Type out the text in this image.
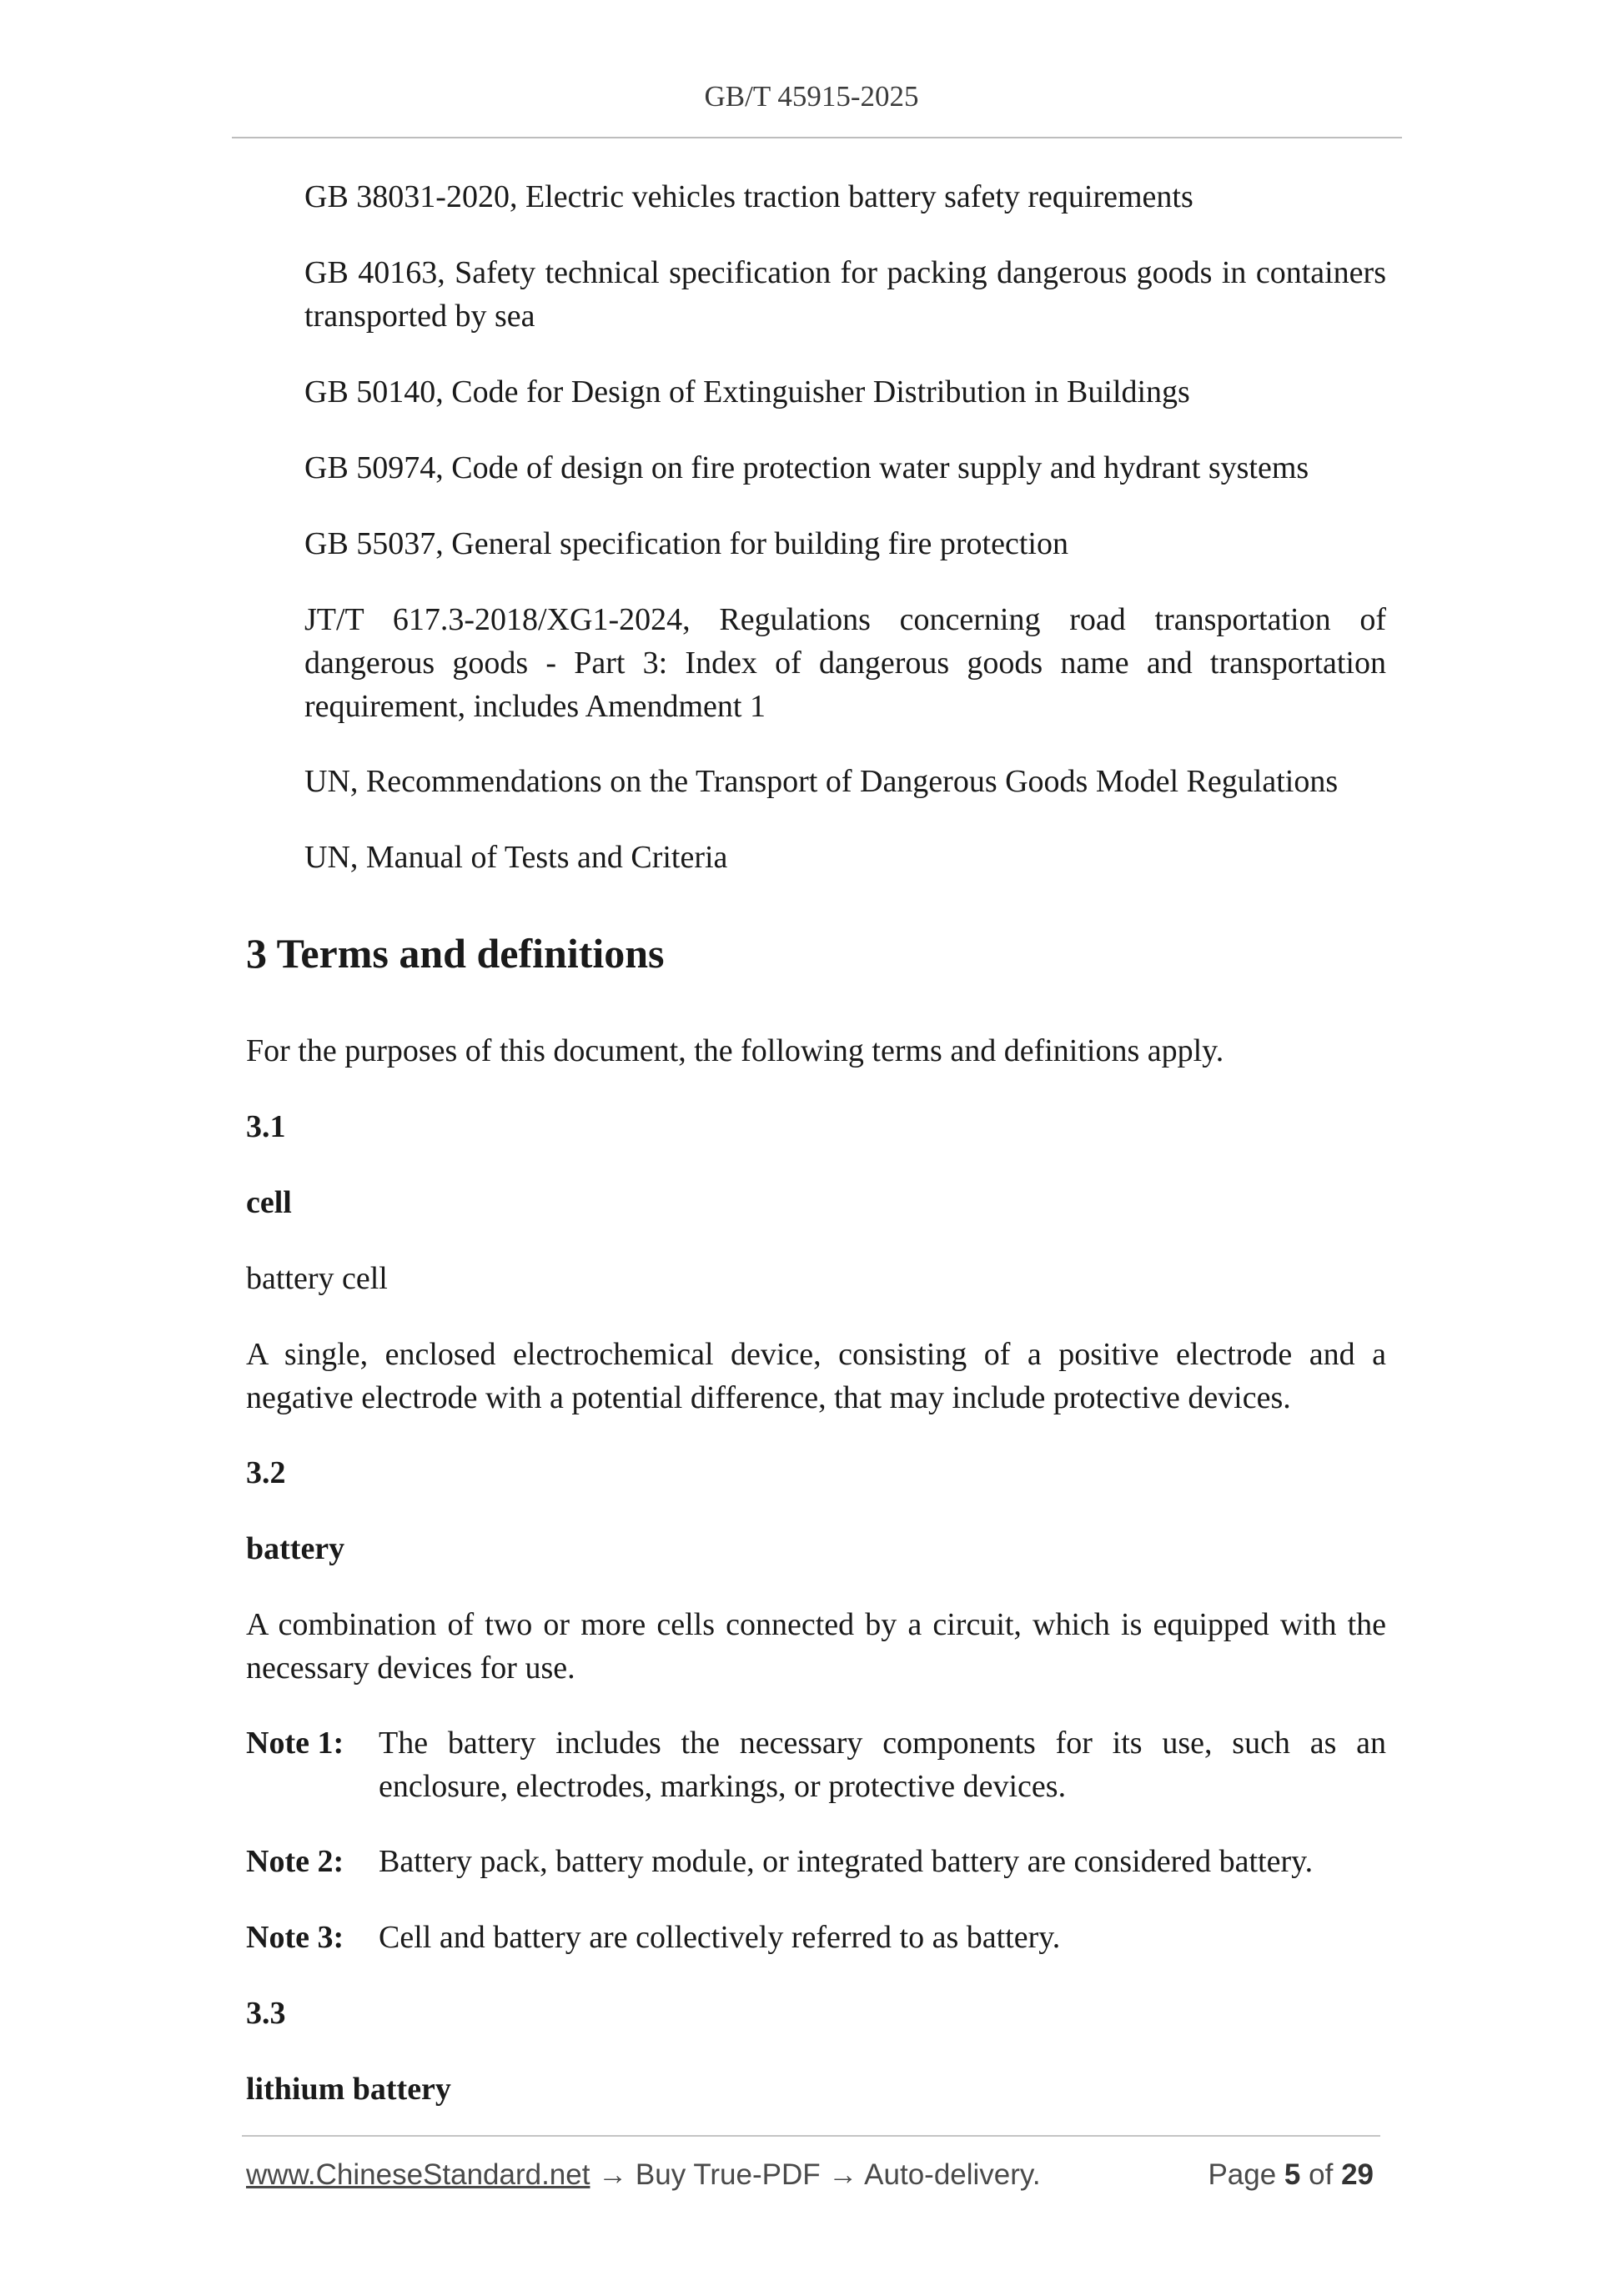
GB/T 45915-2025

GB 38031-2020, Electric vehicles traction battery safety requirements

GB 40163, Safety technical specification for packing dangerous goods in containers transported by sea

GB 50140, Code for Design of Extinguisher Distribution in Buildings

GB 50974, Code of design on fire protection water supply and hydrant systems

GB 55037, General specification for building fire protection

JT/T 617.3-2018/XG1-2024, Regulations concerning road transportation of dangerous goods - Part 3: Index of dangerous goods name and transportation requirement, includes Amendment 1

UN, Recommendations on the Transport of Dangerous Goods Model Regulations

UN, Manual of Tests and Criteria

3 Terms and definitions

For the purposes of this document, the following terms and definitions apply.

3.1

cell

battery cell

A single, enclosed electrochemical device, consisting of a positive electrode and a negative electrode with a potential difference, that may include protective devices.

3.2

battery

A combination of two or more cells connected by a circuit, which is equipped with the necessary devices for use.

Note 1: The battery includes the necessary components for its use, such as an enclosure, electrodes, markings, or protective devices.
Note 2: Battery pack, battery module, or integrated battery are considered battery.
Note 3: Cell and battery are collectively referred to as battery.

3.3

lithium battery

www.ChineseStandard.net → Buy True-PDF → Auto-delivery.	Page 5 of 29
